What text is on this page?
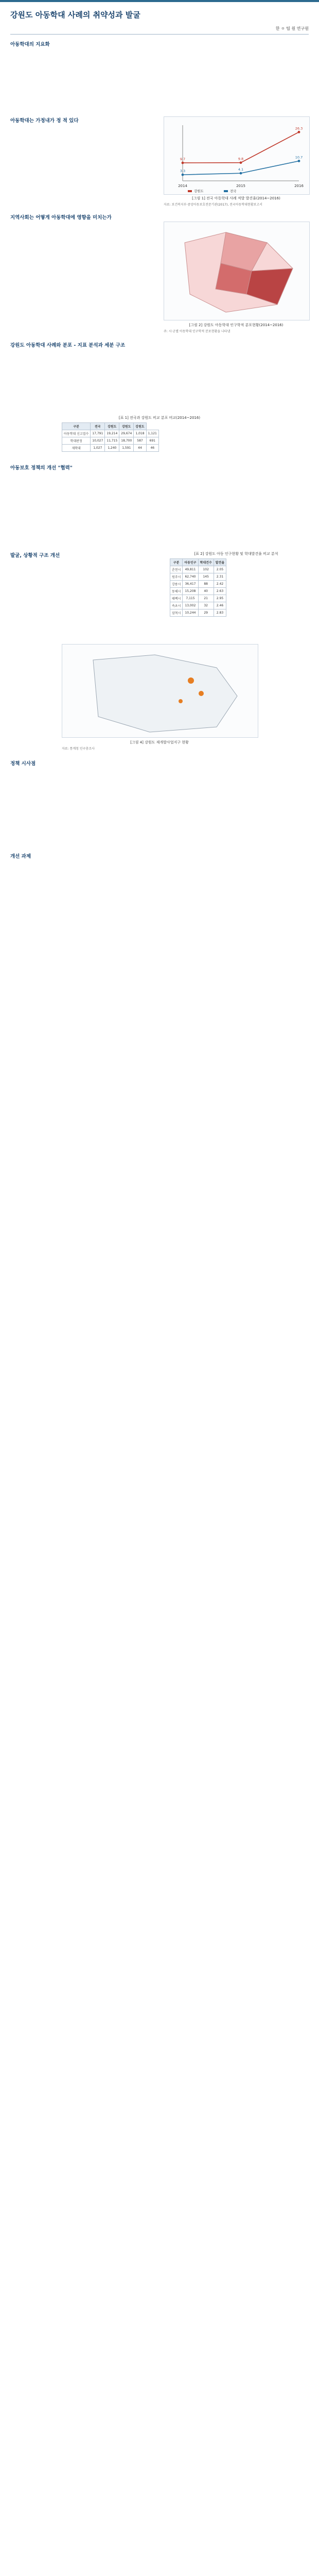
강원도 아동학대 사례의 취약성과 발굴
한 ㅇ 팀 원 연구원
아동학대의 지요화
아동학대는 가정내가 정 적 있다
2014	2015	2016
9.7	9.8
26.3
3.3	4.1
10.7
강원도	전국
[그림 1] 전국 아동학대 사례 적발 발견율(2014~2016)
자료: 보건복지부·중앙아동보호전문기관(2017), 전국아동학대현황보고서
지역사회는 어떻게 아동학대에 영향을 미치는가
[그림 2] 강원도 아동학대 인구학적 분포현황(2014~2016)
주: 시·군별 아동학대 인구학적 분포현황을 나타냄
강원도 아동학대 사례와 분포 - 지표 분석과 세분 구조
[표 1] 전국과 강원도 비교 분포 비교(2014~2016)
구분	전국	강원도	강원도	강원도	
아동학대 신고접수	17,791	19,214	29,674	1,018	1,121
학대판정	10,027	11,715	18,700	587	691
재학대	1,027	1,240	1,591	44	46
아동보호 정책의 개선 "협력"
발굴, 상황적 구조 개선	[표 2] 강원도 아동 인구현황 및 학대발견율 비교 분석
구분	아동인구	학대건수	발견율
춘천시	49,811	102	2.05
원주시	62,740	145	2.31
강릉시	36,417	88	2.42
동해시	15,208	40	2.63
태백시	7,115	21	2.95
속초시	13,002	32	2.46
삼척시	10,244	29	2.83
[그림 4] 강원도 재개발사업지구 현황
자료: 통계청 인구총조사
정책 시사점
개선 과제
